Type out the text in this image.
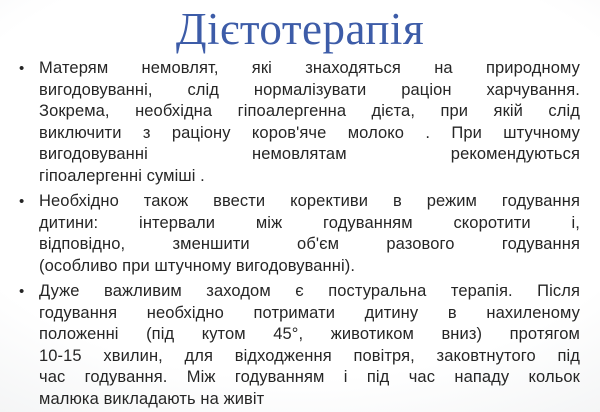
Дієтотерапія
• Матерям немовлят, які знаходяться на природному
вигодовуванні, слід нормалізувати раціон харчування.
Зокрема, необхідна гіпоалергенна дієта, при якій слід
виключити з раціону коров'яче молоко . При штучному
вигодовуванні немовлятам рекомендуються
гіпоалергенні суміші .
• Необхідно також ввести корективи в режим годування
дитини: інтервали між годуванням скоротити і,
відповідно, зменшити об'єм разового годування
(особливо при штучному вигодовуванні).
• Дуже важливим заходом є постуральна терапія. Після
годування необхідно потримати дитину в нахиленому
положенні (під кутом 45°, животиком вниз) протягом
10-15 хвилин, для відходження повітря, заковтнутого під
час годування. Між годуванням і під час нападу кольок
малюка викладають на живіт
